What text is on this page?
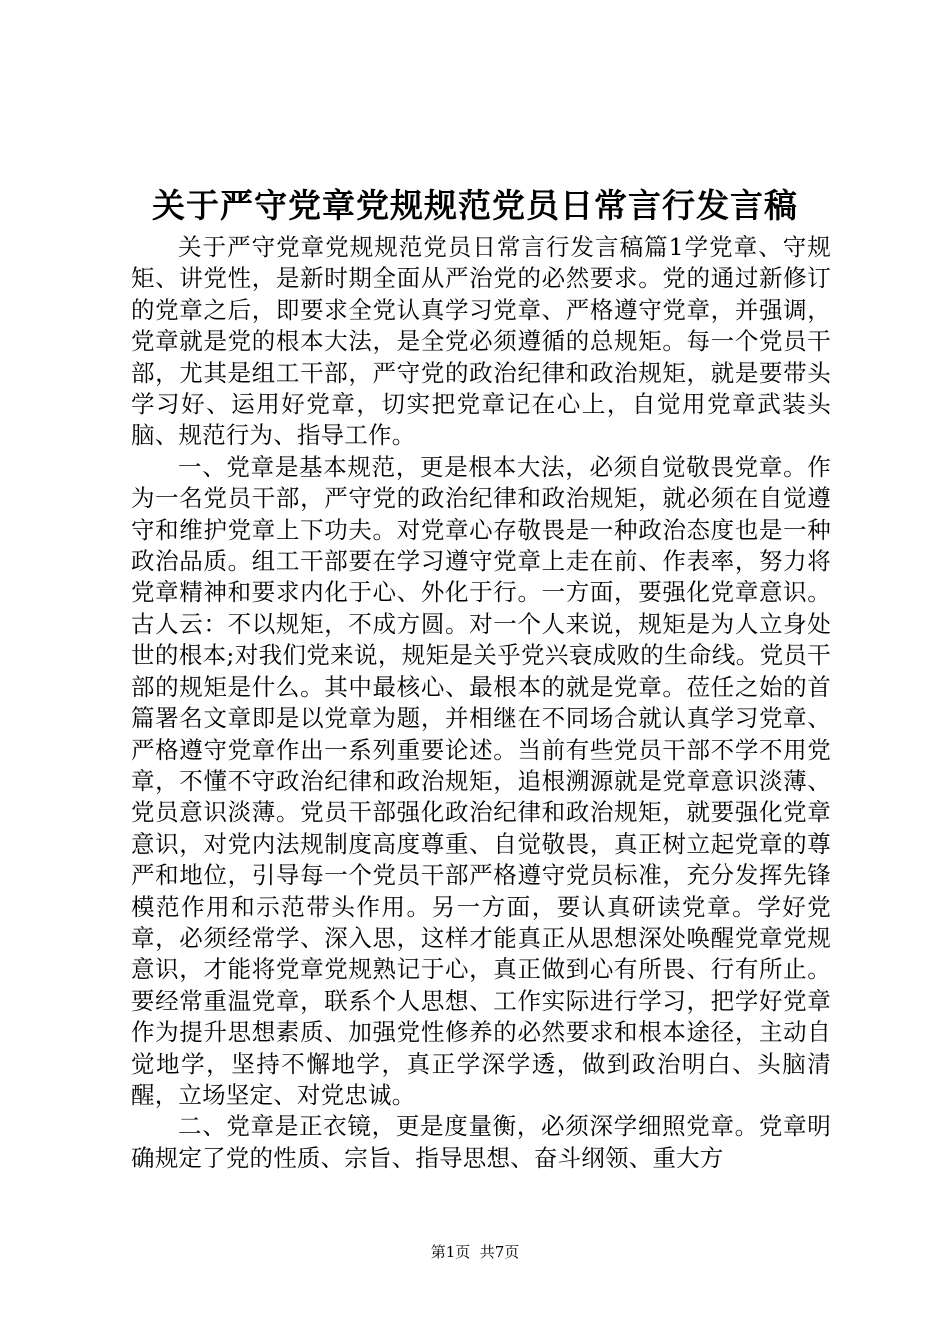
关于严守党章党规规范党员日常言行发言稿

关于严守党章党规规范党员日常言行发言稿篇1学党章、守规矩、讲党性，是新时期全面从严治党的必然要求。党的通过新修订的党章之后，即要求全党认真学习党章、严格遵守党章，并强调，党章就是党的根本大法，是全党必须遵循的总规矩。每一个党员干部，尤其是组工干部，严守党的政治纪律和政治规矩，就是要带头学习好、运用好党章，切实把党章记在心上，自觉用党章武装头脑、规范行为、指导工作。

一、党章是基本规范，更是根本大法，必须自觉敬畏党章。作为一名党员干部，严守党的政治纪律和政治规矩，就必须在自觉遵守和维护党章上下功夫。对党章心存敬畏是一种政治态度也是一种政治品质。组工干部要在学习遵守党章上走在前、作表率，努力将党章精神和要求内化于心、外化于行。一方面，要强化党章意识。古人云：不以规矩，不成方圆。对一个人来说，规矩是为人立身处世的根本;对我们党来说，规矩是关乎党兴衰成败的生命线。党员干部的规矩是什么。其中最核心、最根本的就是党章。莅任之始的首篇署名文章即是以党章为题，并相继在不同场合就认真学习党章、严格遵守党章作出一系列重要论述。当前有些党员干部不学不用党章，不懂不守政治纪律和政治规矩，追根溯源就是党章意识淡薄、党员意识淡薄。党员干部强化政治纪律和政治规矩，就要强化党章意识，对党内法规制度高度尊重、自觉敬畏，真正树立起党章的尊严和地位，引导每一个党员干部严格遵守党员标准，充分发挥先锋模范作用和示范带头作用。另一方面，要认真研读党章。学好党章，必须经常学、深入思，这样才能真正从思想深处唤醒党章党规意识，才能将党章党规熟记于心，真正做到心有所畏、行有所止。要经常重温党章，联系个人思想、工作实际进行学习，把学好党章作为提升思想素质、加强党性修养的必然要求和根本途径，主动自觉地学，坚持不懈地学，真正学深学透，做到政治明白、头脑清醒，立场坚定、对党忠诚。

二、党章是正衣镜，更是度量衡，必须深学细照党章。党章明确规定了党的性质、宗旨、指导思想、奋斗纲领、重大方

第1页  共7页
